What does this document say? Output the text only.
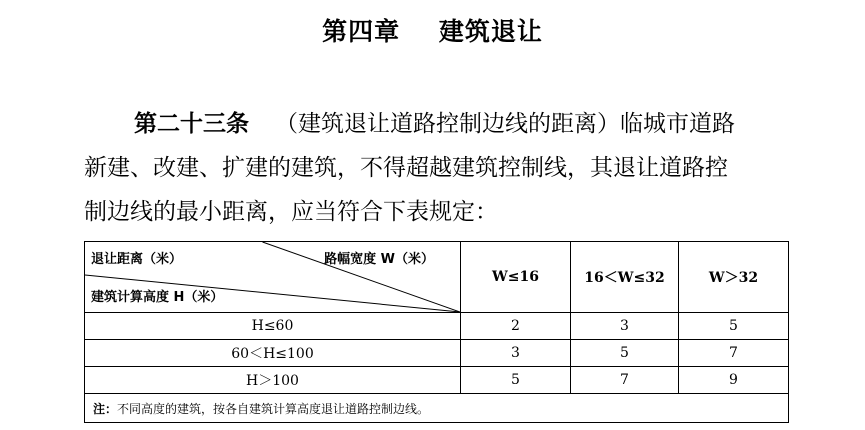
第四章    建筑退让
第二十三条 （建筑退让道路控制边线的距离）临城市道路
新建、改建、扩建的建筑，不得超越建筑控制线，其退让道路控
制边线的最小距离，应当符合下表规定：
退让距离（米） 路幅宽度 W（米）
建筑计算高度 H（米）	W≤16	16＜W≤32	W＞32
H≤60	2	3	5
60＜H≤100	3	5	7
H＞100	5	7	9
注：不同高度的建筑，按各自建筑计算高度退让道路控制边线。			
